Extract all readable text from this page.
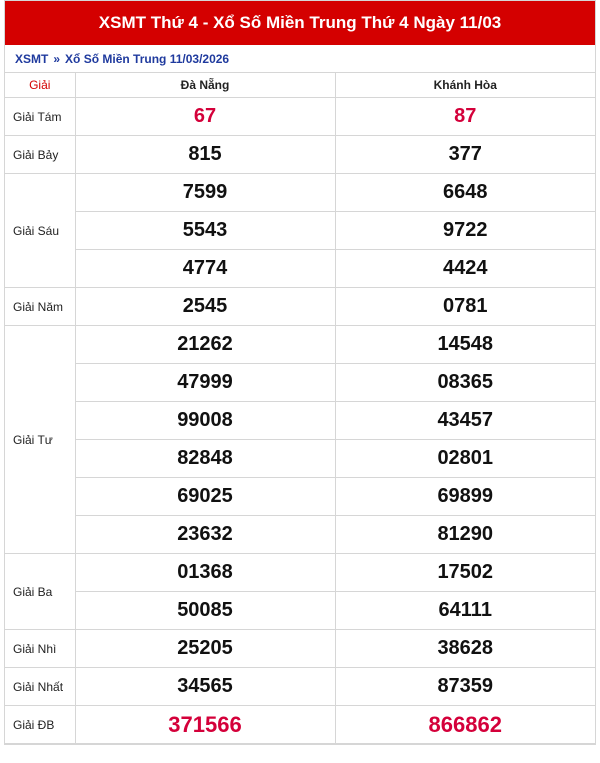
XSMT Thứ 4 - Xổ Số Miền Trung Thứ 4 Ngày 11/03
XSMT » Xổ Số Miền Trung 11/03/2026
Giải	Đà Nẵng	Khánh Hòa
Giải Tám	67	87
Giải Bảy	815	377
Giải Sáu	7599	6648
	5543	9722
	4774	4424
Giải Năm	2545	0781
Giải Tư	21262	14548
	47999	08365
	99008	43457
	82848	02801
	69025	69899
	23632	81290
Giải Ba	01368	17502
	50085	64111
Giải Nhì	25205	38628
Giải Nhất	34565	87359
Giải ĐB	371566	866862
